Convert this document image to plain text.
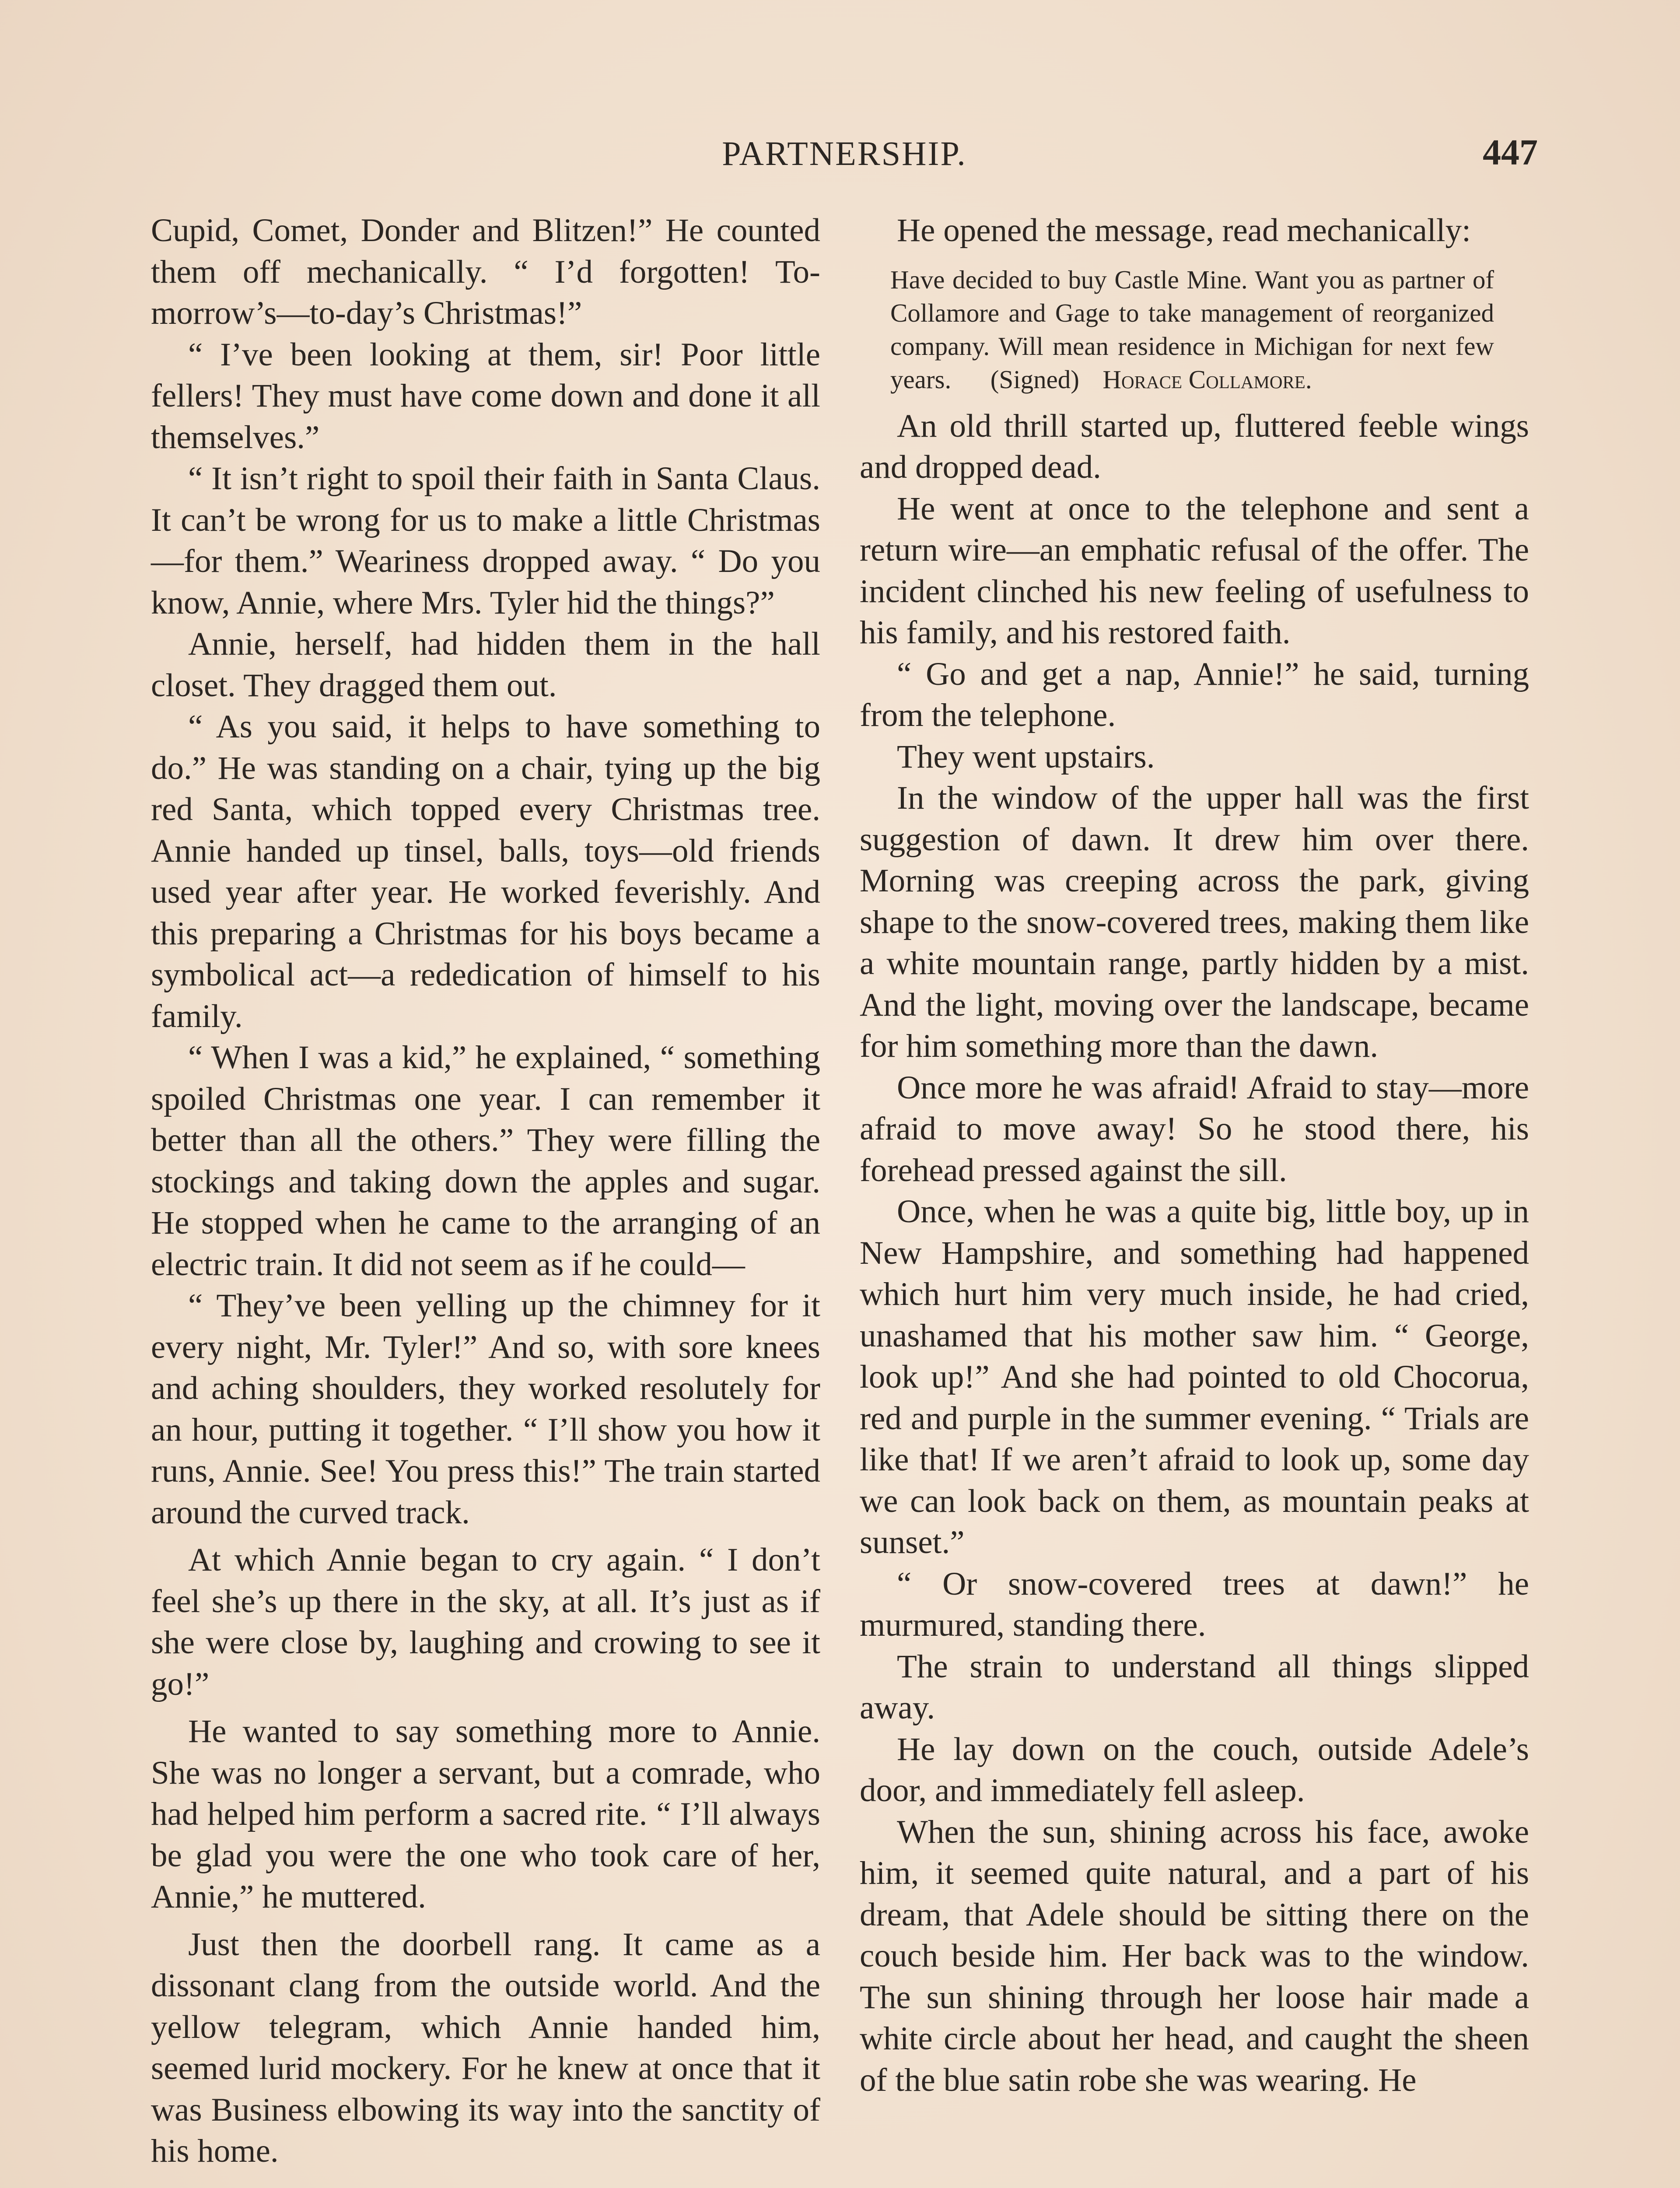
PARTNERSHIP.	447

Cupid, Comet, Donder and Blitzen!” He counted them off mechanically. “ I’d forgotten! To-morrow’s—to-day’s Christmas!”

“ I’ve been looking at them, sir! Poor little fellers! They must have come down and done it all themselves.”

“ It isn’t right to spoil their faith in Santa Claus. It can’t be wrong for us to make a little Christmas—for them.” Weariness dropped away. “ Do you know, Annie, where Mrs. Tyler hid the things?”

Annie, herself, had hidden them in the hall closet. They dragged them out.

“ As you said, it helps to have something to do.” He was standing on a chair, tying up the big red Santa, which topped every Christmas tree. Annie handed up tinsel, balls, toys—old friends used year after year. He worked feverishly. And this preparing a Christmas for his boys became a symbolical act—a rededication of himself to his family.

“ When I was a kid,” he explained, “ something spoiled Christmas one year. I can remember it better than all the others.” They were filling the stockings and taking down the apples and sugar. He stopped when he came to the arranging of an electric train. It did not seem as if he could—

“ They’ve been yelling up the chimney for it every night, Mr. Tyler!” And so, with sore knees and aching shoulders, they worked resolutely for an hour, putting it together. “ I’ll show you how it runs, Annie. See! You press this!” The train started around the curved track.

At which Annie began to cry again. “ I don’t feel she’s up there in the sky, at all. It’s just as if she were close by, laughing and crowing to see it go!”

He wanted to say something more to Annie. She was no longer a servant, but a comrade, who had helped him perform a sacred rite. “ I’ll always be glad you were the one who took care of her, Annie,” he muttered.

Just then the doorbell rang. It came as a dissonant clang from the outside world. And the yellow telegram, which Annie handed him, seemed lurid mockery. For he knew at once that it was Business elbowing its way into the sanctity of his home.

He opened the message, read mechanically:

Have decided to buy Castle Mine. Want you as partner of Collamore and Gage to take management of reorganized company. Will mean residence in Michigan for next few years. (Signed) Horace Collamore.

An old thrill started up, fluttered feeble wings and dropped dead.

He went at once to the telephone and sent a return wire—an emphatic refusal of the offer. The incident clinched his new feeling of usefulness to his family, and his restored faith.

“ Go and get a nap, Annie!” he said, turning from the telephone.

They went upstairs.

In the window of the upper hall was the first suggestion of dawn. It drew him over there. Morning was creeping across the park, giving shape to the snow-covered trees, making them like a white mountain range, partly hidden by a mist. And the light, moving over the landscape, became for him something more than the dawn.

Once more he was afraid! Afraid to stay—more afraid to move away! So he stood there, his forehead pressed against the sill.

Once, when he was a quite big, little boy, up in New Hampshire, and something had happened which hurt him very much inside, he had cried, unashamed that his mother saw him. “ George, look up!” And she had pointed to old Chocorua, red and purple in the summer evening. “ Trials are like that! If we aren’t afraid to look up, some day we can look back on them, as mountain peaks at sunset.”

“ Or snow-covered trees at dawn!” he murmured, standing there.

The strain to understand all things slipped away.

He lay down on the couch, outside Adele’s door, and immediately fell asleep.

When the sun, shining across his face, awoke him, it seemed quite natural, and a part of his dream, that Adele should be sitting there on the couch beside him. Her back was to the window. The sun shining through her loose hair made a white circle about her head, and caught the sheen of the blue satin robe she was wearing. He
